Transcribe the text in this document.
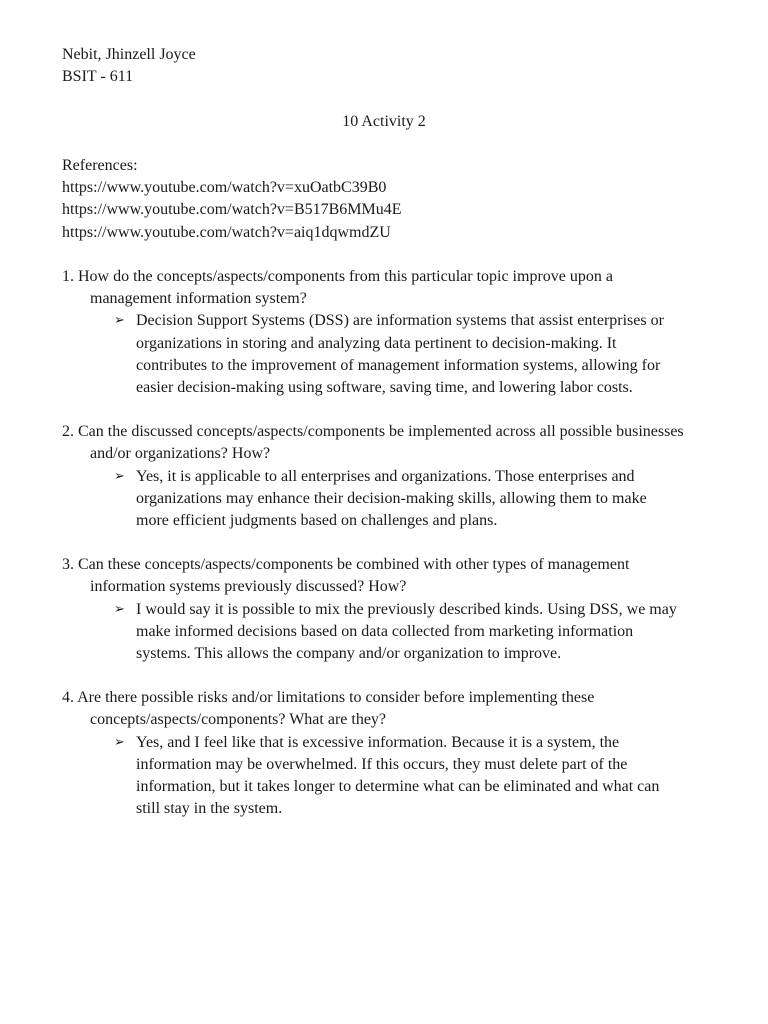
Nebit, Jhinzell Joyce
BSIT - 611
10 Activity 2
References:
https://www.youtube.com/watch?v=xuOatbC39B0
https://www.youtube.com/watch?v=B517B6MMu4E
https://www.youtube.com/watch?v=aiq1dqwmdZU
1. How do the concepts/aspects/components from this particular topic improve upon a management information system?
➢ Decision Support Systems (DSS) are information systems that assist enterprises or organizations in storing and analyzing data pertinent to decision-making. It contributes to the improvement of management information systems, allowing for easier decision-making using software, saving time, and lowering labor costs.
2. Can the discussed concepts/aspects/components be implemented across all possible businesses and/or organizations? How?
➢ Yes, it is applicable to all enterprises and organizations. Those enterprises and organizations may enhance their decision-making skills, allowing them to make more efficient judgments based on challenges and plans.
3. Can these concepts/aspects/components be combined with other types of management information systems previously discussed? How?
➢ I would say it is possible to mix the previously described kinds. Using DSS, we may make informed decisions based on data collected from marketing information systems. This allows the company and/or organization to improve.
4. Are there possible risks and/or limitations to consider before implementing these concepts/aspects/components? What are they?
➢ Yes, and I feel like that is excessive information. Because it is a system, the information may be overwhelmed. If this occurs, they must delete part of the information, but it takes longer to determine what can be eliminated and what can still stay in the system.
